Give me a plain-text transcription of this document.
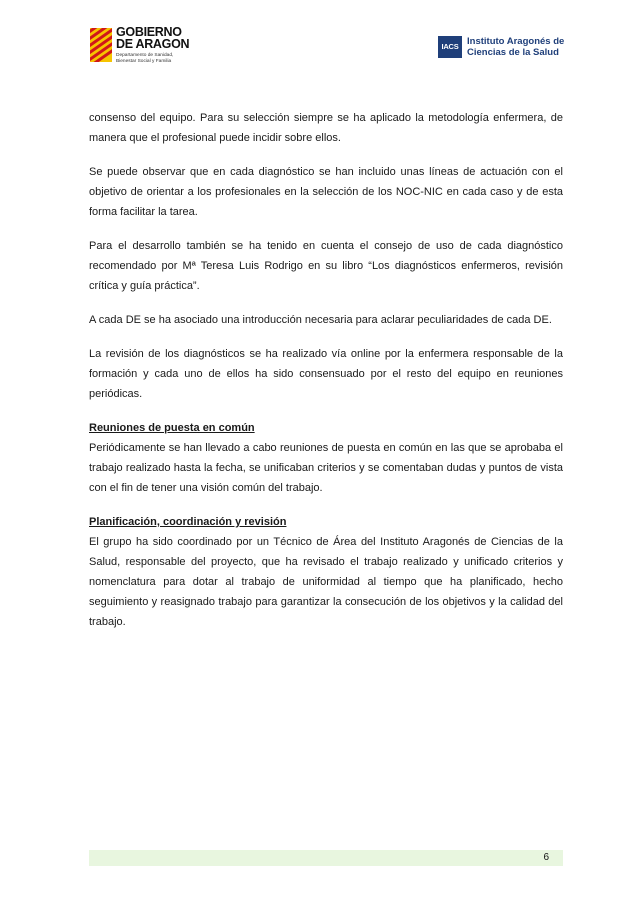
GOBIERNO
DE ARAGON
Departamento de Sanidad,
Bienestar Social y Familia
IACS Instituto Aragonés de
Ciencias de la Salud

consenso del equipo. Para su selección siempre se ha aplicado la metodología enfermera, de manera que el profesional puede incidir sobre ellos.

Se puede observar que en cada diagnóstico se han incluido unas líneas de actuación con el objetivo de orientar a los profesionales en la selección de los NOC-NIC en cada caso y de esta forma facilitar la tarea.

Para el desarrollo también se ha tenido en cuenta el consejo de uso de cada diagnóstico recomendado por Mª Teresa Luis Rodrigo en su libro “Los diagnósticos enfermeros, revisión crítica y guía práctica”.

A cada DE se ha asociado una introducción necesaria para aclarar peculiaridades de cada DE.

La revisión de los diagnósticos se ha realizado vía online por la enfermera responsable de la formación y cada uno de ellos ha sido consensuado por el resto del equipo en reuniones periódicas.

Reuniones de puesta en común

Periódicamente se han llevado a cabo reuniones de puesta en común en las que se aprobaba el trabajo realizado hasta la fecha, se unificaban criterios y se comentaban dudas y puntos de vista con el fin de tener una visión común del trabajo.

Planificación, coordinación y revisión

El grupo ha sido coordinado por un Técnico de Área del Instituto Aragonés de Ciencias de la Salud, responsable del proyecto, que ha revisado el trabajo realizado y unificado criterios y nomenclatura para dotar al trabajo de uniformidad al tiempo que ha planificado, hecho seguimiento y reasignado trabajo para garantizar la consecución de los objetivos y la calidad del trabajo.

6
